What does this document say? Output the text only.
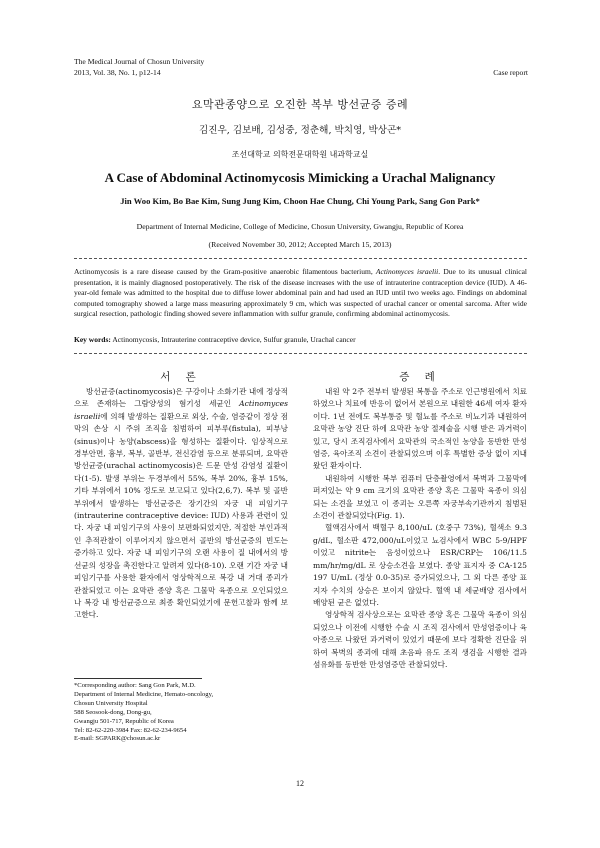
The Medical Journal of Chosun University
2013, Vol. 38, No. 1, p12-14	Case report
요막관종양으로 오진한 복부 방선균증 증례
김진우, 김보배, 김성중, 정춘해, 박치영, 박상곤*
조선대학교 의학전문대학원 내과학교실
A Case of Abdominal Actinomycosis Mimicking a Urachal Malignancy
Jin Woo Kim, Bo Bae Kim, Sung Jung Kim, Choon Hae Chung, Chi Young Park, Sang Gon Park*
Department of Internal Medicine, College of Medicine, Chosun University, Gwangju, Republic of Korea
(Received November 30, 2012; Accepted March 15, 2013)
Actinomycosis is a rare disease caused by the Gram-positive anaerobic filamentous bacterium, Actinomyces israelii. Due to its unusual clinical presentation, it is mainly diagnosed postoperatively. The risk of the disease increases with the use of intrauterine contraception device (IUD). A 46-year-old female was admitted to the hospital due to diffuse lower abdominal pain and had used an IUD until two weeks ago. Findings on abdominal computed tomography showed a large mass measuring approximately 9 cm, which was suspected of urachal cancer or omental sarcoma. After wide surgical resection, pathologic finding showed severe inflammation with sulfur granule, confirming abdominal actinomycosis.
Key words: Actinomycosis, Intrauterine contraceptive device, Sulfur granule, Urachal cancer
서 론	증 례

방선균증(actinomycosis)은 구강이나 소화기관 내에 정상적으로 존재하는 그람양성의 혐기성 세균인 Actinomyces israelii에 의해 발생하는 질환으로 외상, 수술, 염증같이 정상 점막의 손상 시 주위 조직을 침범하여 피부루(fistula), 피부낭(sinus)이나 농양(abscess)을 형성하는 질환이다. 임상적으로 경부안면, 흉부, 복부, 골반부, 전신감염 등으로 분류되며, 요막관 방선균증(urachal actinomycosis)은 드문 만성 감염성 질환이다(1-5). 발생 부위는 두경부에서 55%, 복부 20%, 흉부 15%, 기타 부위에서 10% 정도로 보고되고 있다(2,6,7). 복부 및 골반부위에서 발생하는 방선균증은 장기간의 자궁 내 피임기구(intrauterine contraceptive device: IUD) 사용과 관련이 있다. 자궁 내 피임기구의 사용이 보편화되었지만, 적절한 부인과적인 추적관찰이 이루어지지 않으면서 골반의 방선균증의 빈도는 증가하고 있다. 자궁 내 피임기구의 오랜 사용이 질 내에서의 방선균의 성장을 촉진한다고 알려져 있다(8-10). 오랜 기간 자궁 내 피임기구를 사용한 환자에서 영상학적으로 복강 내 거대 종괴가 관찰되었고 이는 요막관 종양 혹은 그물막 육종으로 오인되었으나 복강 내 방선균증으로 최종 확인되었기에 문헌고찰과 함께 보고한다.

내원 약 2주 전부터 발생된 복통을 주소로 인근병원에서 치료하였으나 치료에 반응이 없어서 본원으로 내원한 46세 여자 환자이다. 1년 전에도 복부통증 및 혈뇨를 주소로 비뇨기과 내원하여 요막관 농양 진단 하에 요막관 농양 절제술을 시행 받은 과거력이 있고, 당시 조직검사에서 요막관의 국소적인 농양을 동반한 만성 염증, 육아조직 소견이 관찰되었으며 이후 특별한 증상 없이 지내왔던 환자이다.

내원하여 시행한 복부 컴퓨터 단층촬영에서 복벽과 그물막에 퍼져있는 약 9 cm 크기의 요막관 종양 혹은 그물막 육종이 의심되는 소견을 보였고 이 종괴는 오른쪽 자궁부속기관까지 침범된 소견이 관찰되었다(Fig. 1).

혈액검사에서 백혈구 8,100/uL (호중구 73%), 혈색소 9.3 g/dL, 혈소판 472,000/uL이었고 뇨검사에서 WBC 5-9/HPF이었고 nitrite는 음성이었으나 ESR/CRP는 106/11.5 mm/hr/mg/dL 로 상승소견을 보였다. 종양 표지자 중 CA-125 197 U/mL (정상 0.0-35)로 증가되었으나, 그 외 다른 종양 표지자 수치의 상승은 보이지 않았다. 혈액 내 세균배양 검사에서 배양된 균은 없었다.

영상학적 검사상으로는 요막관 종양 혹은 그물막 육종이 의심되었으나 이전에 시행한 수술 시 조직 검사에서 만성염증이나 육아종으로 나왔던 과거력이 있었기 때문에 보다 정확한 진단을 위하여 복벽의 종괴에 대해 초음파 유도 조직 생검을 시행한 결과 섬유화를 동반한 만성염증만 관찰되었다.

*Corresponding author: Sang Gon Park, M.D.
Department of Internal Medicine, Hemato-oncology,
Chosun University Hospital
588 Seosook-dong, Dong-gu,
Gwangju 501-717, Republic of Korea
Tel: 82-62-220-3984 Fax: 82-62-234-9654
E-mail: SGPARK@chosun.ac.kr
12
